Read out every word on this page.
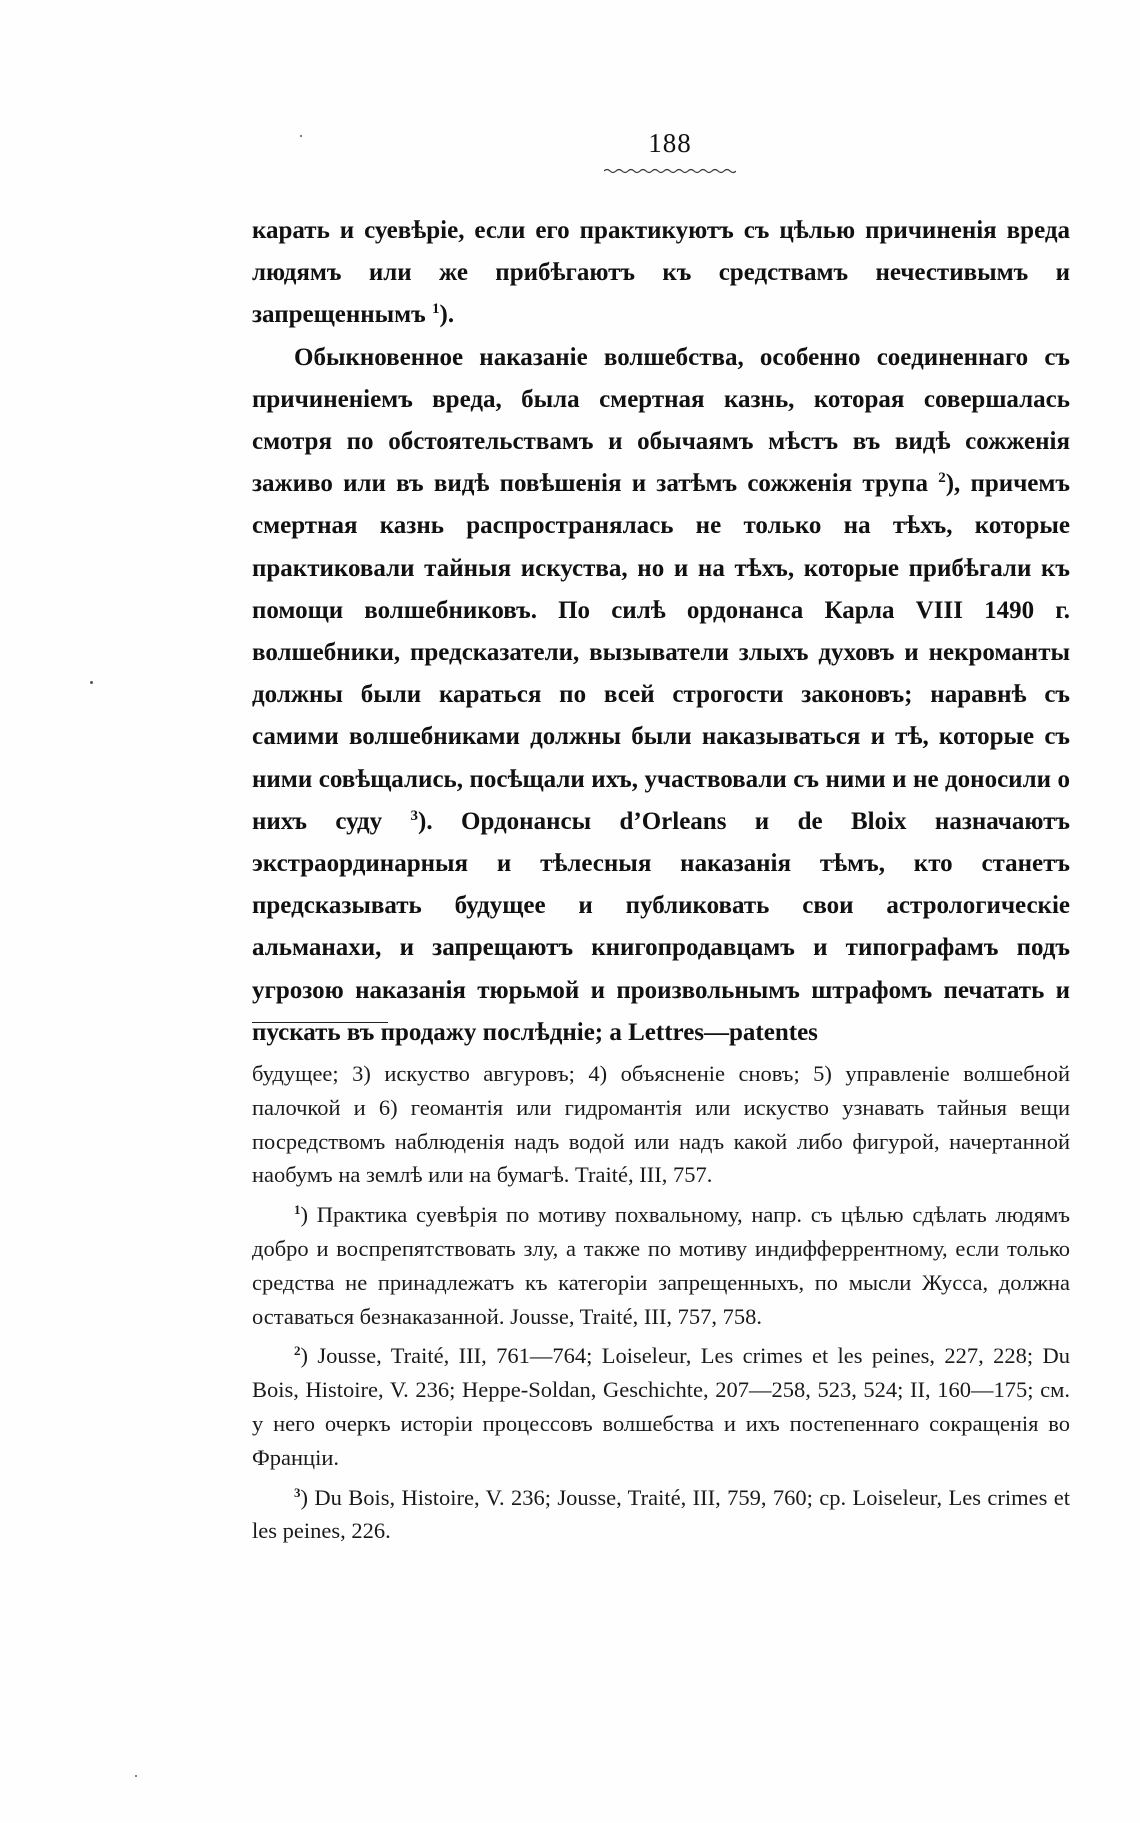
188

карать и суевѣріе, если его практикуютъ съ цѣлью причиненія вреда людямъ или же прибѣгаютъ къ средствамъ нечестивымъ и запрещеннымъ $^1$).

Обыкновенное наказаніе волшебства, особенно соединеннаго съ причиненіемъ вреда, была смертная казнь, которая совершалась смотря по обстоятельствамъ и обычаямъ мѣстъ въ видѣ сожженія заживо или въ видѣ повѣшенія и затѣмъ сожженія трупа $^2$), причемъ смертная казнь распространялась не только на тѣхъ, которые практиковали тайныя искуства, но и на тѣхъ, которые прибѣгали къ помощи волшебниковъ. По силѣ ордонанса Карла VIII 1490 г. волшебники, предсказатели, вызыватели злыхъ духовъ и некроманты должны были караться по всей строгости законовъ; наравнѣ съ самими волшебниками должны были наказываться и тѣ, которые съ ними совѣщались, посѣщали ихъ, участвовали съ ними и не доносили о нихъ суду $^3$). Ордонансы d’Orleans и de Bloix назначаютъ экстраординарныя и тѣлесныя наказанія тѣмъ, кто станетъ предсказывать будущее и публиковать свои астрологическіе альманахи, и запрещаютъ книгопродавцамъ и типографамъ подъ угрозою наказанія тюрьмой и произвольнымъ штрафомъ печатать и пускать въ продажу послѣдніе; а Lettres—patentes

будущее; 3) искуство авгуровъ; 4) объясненіе сновъ; 5) управленіе волшебной палочкой и 6) геомантія или гидромантія или искуство узнавать тайныя вещи посредствомъ наблюденія надъ водой или надъ какой либо фигурой, начертанной наобумъ на землѣ или на бумагѣ. Traité, III, 757.

$^1$) Практика суевѣрія по мотиву похвальному, напр. съ цѣлью сдѣлать людямъ добро и воспрепятствовать злу, а также по мотиву индифферрентному, если только средства не принадлежатъ къ категоріи запрещенныхъ, по мысли Жусса, должна оставаться безнаказанной. Jousse, Traité, III, 757, 758.

$^2$) Jousse, Traité, III, 761—764; Loiseleur, Les crimes et les peines, 227, 228; Du Bois, Histoire, V. 236; Heppe-Soldan, Geschichte, 207—258, 523, 524; II, 160—175; см. у него очеркъ исторіи процессовъ волшебства и ихъ постепеннаго сокращенія во Франціи.

$^3$) Du Bois, Histoire, V. 236; Jousse, Traité, III, 759, 760; ср. Loiseleur, Les crimes et les peines, 226.
